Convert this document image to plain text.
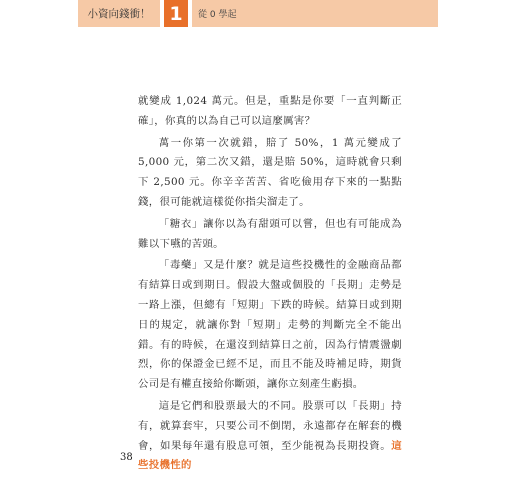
小資向錢衝！ 1	從 0 學起

就變成 1,024 萬元。但是，重點是你要「一直判斷正確」，你真的以為自己可以這麼厲害？

萬一你第一次就錯，賠了 50%，1 萬元變成了 5,000 元，第二次又錯，還是賠 50%，這時就會只剩下 2,500 元。你辛辛苦苦、省吃儉用存下來的一點點錢，很可能就這樣從你指尖溜走了。

「糖衣」讓你以為有甜頭可以嘗，但也有可能成為難以下嚥的苦頭。

「毒藥」又是什麼？就是這些投機性的金融商品都有結算日或到期日。假設大盤或個股的「長期」走勢是一路上漲，但總有「短期」下跌的時候。結算日或到期日的規定，就讓你對「短期」走勢的判斷完全不能出錯。有的時候，在還沒到結算日之前，因為行情震盪劇烈，你的保證金已經不足，而且不能及時補足時，期貨公司是有權直接給你斷頭，讓你立刻產生虧損。

這是它們和股票最大的不同。股票可以「長期」持有，就算套牢，只要公司不倒閉，永遠都存在解套的機會，如果每年還有股息可領，至少能視為長期投資。這些投機性的

38
